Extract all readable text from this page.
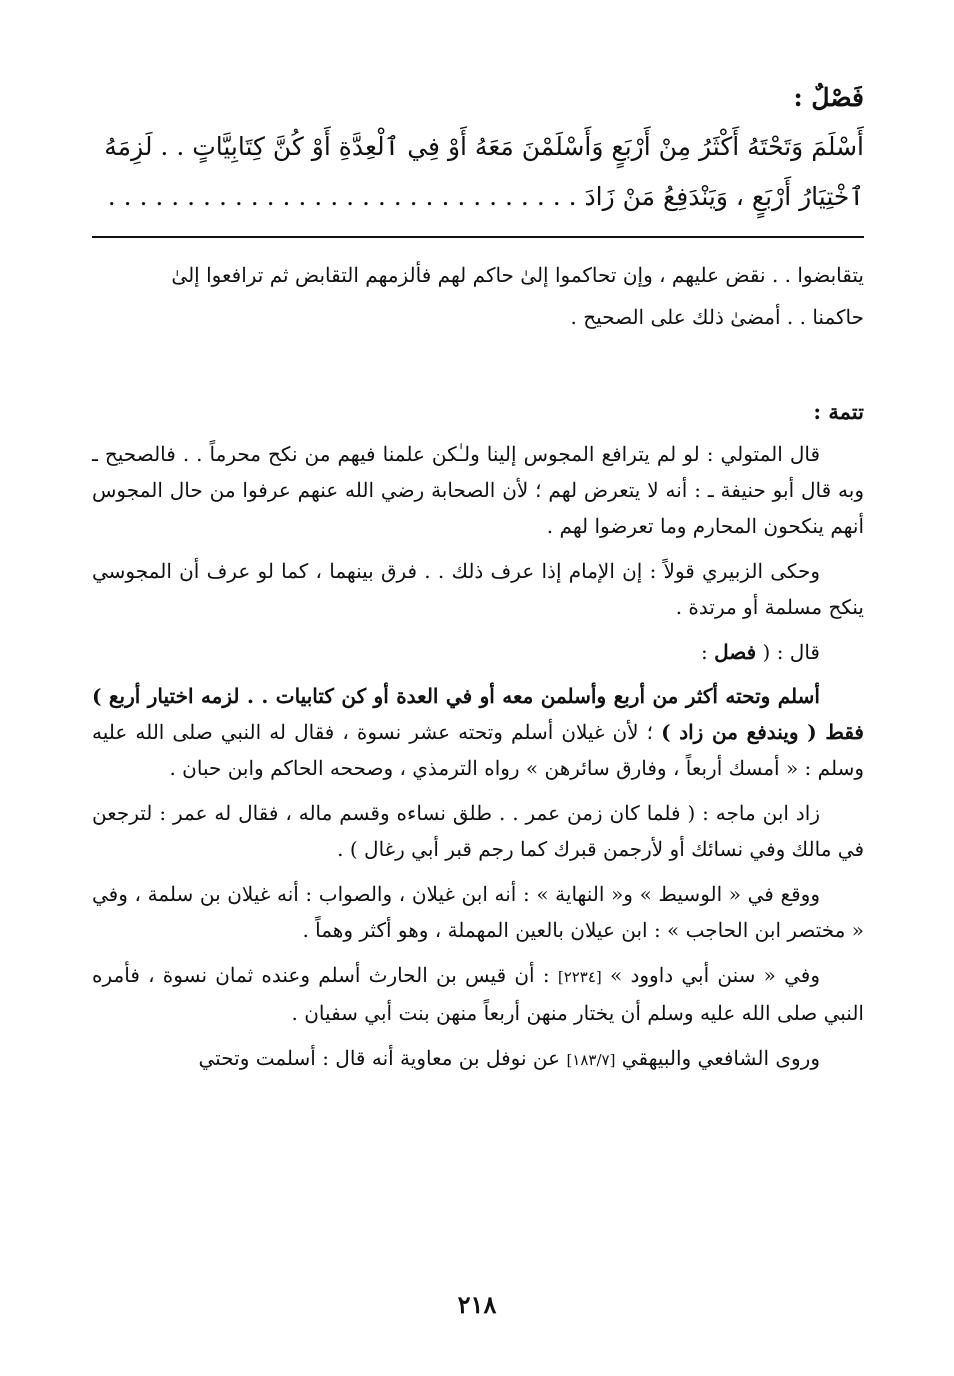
فَصْلٌ :

أَسْلَمَ وَتَحْتَهُ أَكْثَرُ مِنْ أَرْبَعٍ وَأَسْلَمْنَ مَعَهُ أَوْ فِي ٱلْعِدَّةِ أَوْ كُنَّ كِتَابِيَّاتٍ . . لَزِمَهُ

ٱخْتِيَارُ أَرْبَعٍ ، وَيَنْدَفِعُ مَنْ زَادَ . . . . . . . . . . . . . . . . . . . . . . . . . . . . . .

يتقابضوا . . نقض عليهم ، وإن تحاكموا إلىٰ حاكم لهم فألزمهم التقابض ثم ترافعوا إلىٰ

حاكمنا . . أمضىٰ ذلك على الصحيح .

تتمة :

قال المتولي : لو لم يترافع المجوس إلينا ولـٰكن علمنا فيهم من نكح محرماً . . فالصحيح ـ وبه قال أبو حنيفة ـ : أنه لا يتعرض لهم ؛ لأن الصحابة رضي الله عنهم عرفوا من حال المجوس أنهم ينكحون المحارم وما تعرضوا لهم .

وحكى الزبيري قولاً : إن الإمام إذا عرف ذلك . . فرق بينهما ، كما لو عرف أن المجوسي ينكح مسلمة أو مرتدة .

قال : ( فصل :

أسلم وتحته أكثر من أربع وأسلمن معه أو في العدة أو كن كتابيات . . لزمه اختيار أربع ) فقط ( ويندفع من زاد ) ؛ لأن غيلان أسلم وتحته عشر نسوة ، فقال له النبي صلى الله عليه وسلم : « أمسك أربعاً ، وفارق سائرهن » رواه الترمذي ، وصححه الحاكم وابن حبان .

زاد ابن ماجه : ( فلما كان زمن عمر . . طلق نساءه وقسم ماله ، فقال له عمر : لترجعن في مالك وفي نسائك أو لأرجمن قبرك كما رجم قبر أبي رغال ) .

ووقع في « الوسيط » و« النهاية » : أنه ابن غيلان ، والصواب : أنه غيلان بن سلمة ، وفي « مختصر ابن الحاجب » : ابن عيلان بالعين المهملة ، وهو أكثر وهماً .

وفي « سنن أبي داوود » [٢٢٣٤] : أن قيس بن الحارث أسلم وعنده ثمان نسوة ، فأمره النبي صلى الله عليه وسلم أن يختار منهن أربعاً منهن بنت أبي سفيان .

وروى الشافعي والبيهقي [١٨٣/٧] عن نوفل بن معاوية أنه قال : أسلمت وتحتي

٢١٨
